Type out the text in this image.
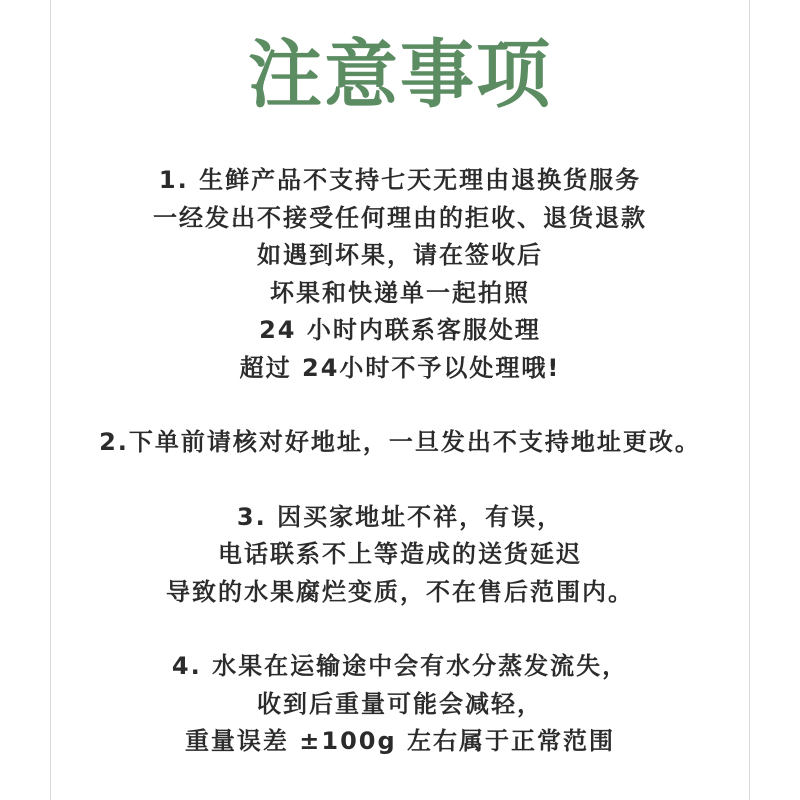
注意事项
1. 生鲜产品不支持七天无理由退换货服务
一经发出不接受任何理由的拒收、退货退款
如遇到坏果，请在签收后
坏果和快递单一起拍照
24 小时内联系客服处理
超过 24小时不予以处理哦!
2.下单前请核对好地址，一旦发出不支持地址更改。
3. 因买家地址不祥，有误，
电话联系不上等造成的送货延迟
导致的水果腐烂变质，不在售后范围内。
4. 水果在运输途中会有水分蒸发流失，
收到后重量可能会减轻，
重量误差 ±100g 左右属于正常范围
